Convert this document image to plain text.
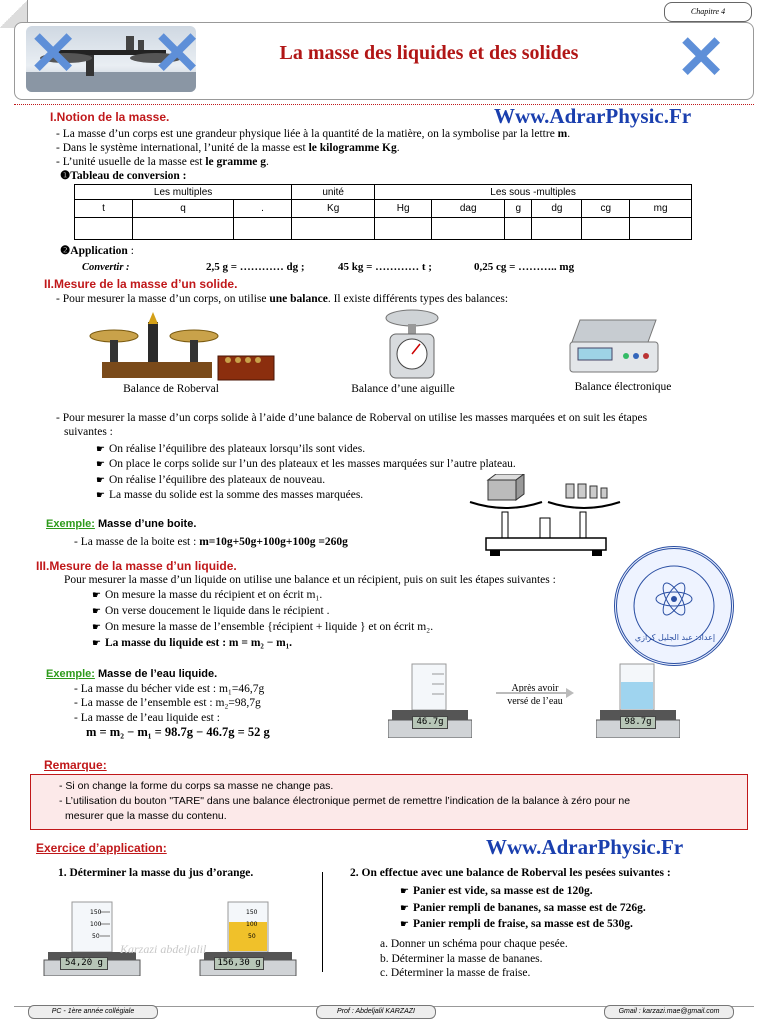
Chapitre 4
✕ ✕	✕
La masse des liquides et des solides
I.Notion de la masse.	Www.AdrarPhysic.Fr
- La masse d’un corps est une grandeur physique liée à la quantité de la matière, on la symbolise par la lettre m.
- Dans le système international, l’unité de la masse est le kilogramme Kg.
- L’unité usuelle de la masse est le gramme g.
❶Tableau de conversion :
Les multiples			unité	Les sous -multiples					
t	q	.	Kg	Hg	dag	g	dg	cg	mg

❷Application :
Convertir :	2,5 g = ………… dg ;	45 kg = ………… t ;	0,25 cg = ……….. mg
II.Mesure de la masse d’un solide.
- Pour mesurer la masse d’un corps, on utilise une balance. Il existe différents types des balances:
Balance de Roberval	Balance d’une aiguille	Balance électronique
- Pour mesurer la masse d’un corps solide à l’aide d’une balance de Roberval on utilise les masses marquées et on suit les étapes
suivantes :
☛ On réalise l’équilibre des plateaux lorsqu’ils sont vides.
☛ On place le corps solide sur l’un des plateaux et les masses marquées sur l’autre plateau.
☛ On réalise l’équilibre des plateaux de nouveau.
☛ La masse du solide est la somme des masses marquées.
Exemple: Masse d’une boite.
- La masse de la boite est : m=10g+50g+100g+100g =260g
III.Mesure de la masse d’un liquide.
Pour mesurer la masse d’un liquide on utilise une balance et un récipient, puis on suit les étapes suivantes :
☛ On mesure la masse du récipient et on écrit m₁.
☛ On verse doucement le liquide dans le récipient .
☛ On mesure la masse de l’ensemble {récipient + liquide } et on écrit m₂.
☛ La masse du liquide est : m = m₂ − m₁.	إعداد: عبد الجليل كرازي
Exemple: Masse de l’eau liquide.
- La masse du bécher vide est : m₁=46,7g
- La masse de l’ensemble est : m₂=98,7g
- La masse de l’eau liquide est :
m = m₂ − m₁ = 98.7g − 46.7g = 52 g
46.7g
Après avoir
versé de l’eau
98.7g
Remarque:
- Si on change la forme du corps sa masse ne change pas.
- L’utilisation du bouton "TARE" dans une balance électronique permet de remettre l’indication de la balance à zéro pour ne
mesurer que la masse du contenu.
Exercice d’application:	Www.AdrarPhysic.Fr
1. Déterminer la masse du jus d’orange.
150
100
50
54,20 g
150
100
50
156,30 g
Karzazi abdeljalil
2. On effectue avec une balance de Roberval les pesées suivantes :
☛ Panier est vide, sa masse est de 120g.
☛ Panier rempli de bananes, sa masse est de 726g.
☛ Panier rempli de fraise, sa masse est de 530g.
a. Donner un schéma pour chaque pesée.
b. Déterminer la masse de bananes.
c. Déterminer la masse de fraise.
PC - 1ère année collégiale	Prof : Abdeljalil KARZAZI	Gmail : karzazi.mae@gmail.com
